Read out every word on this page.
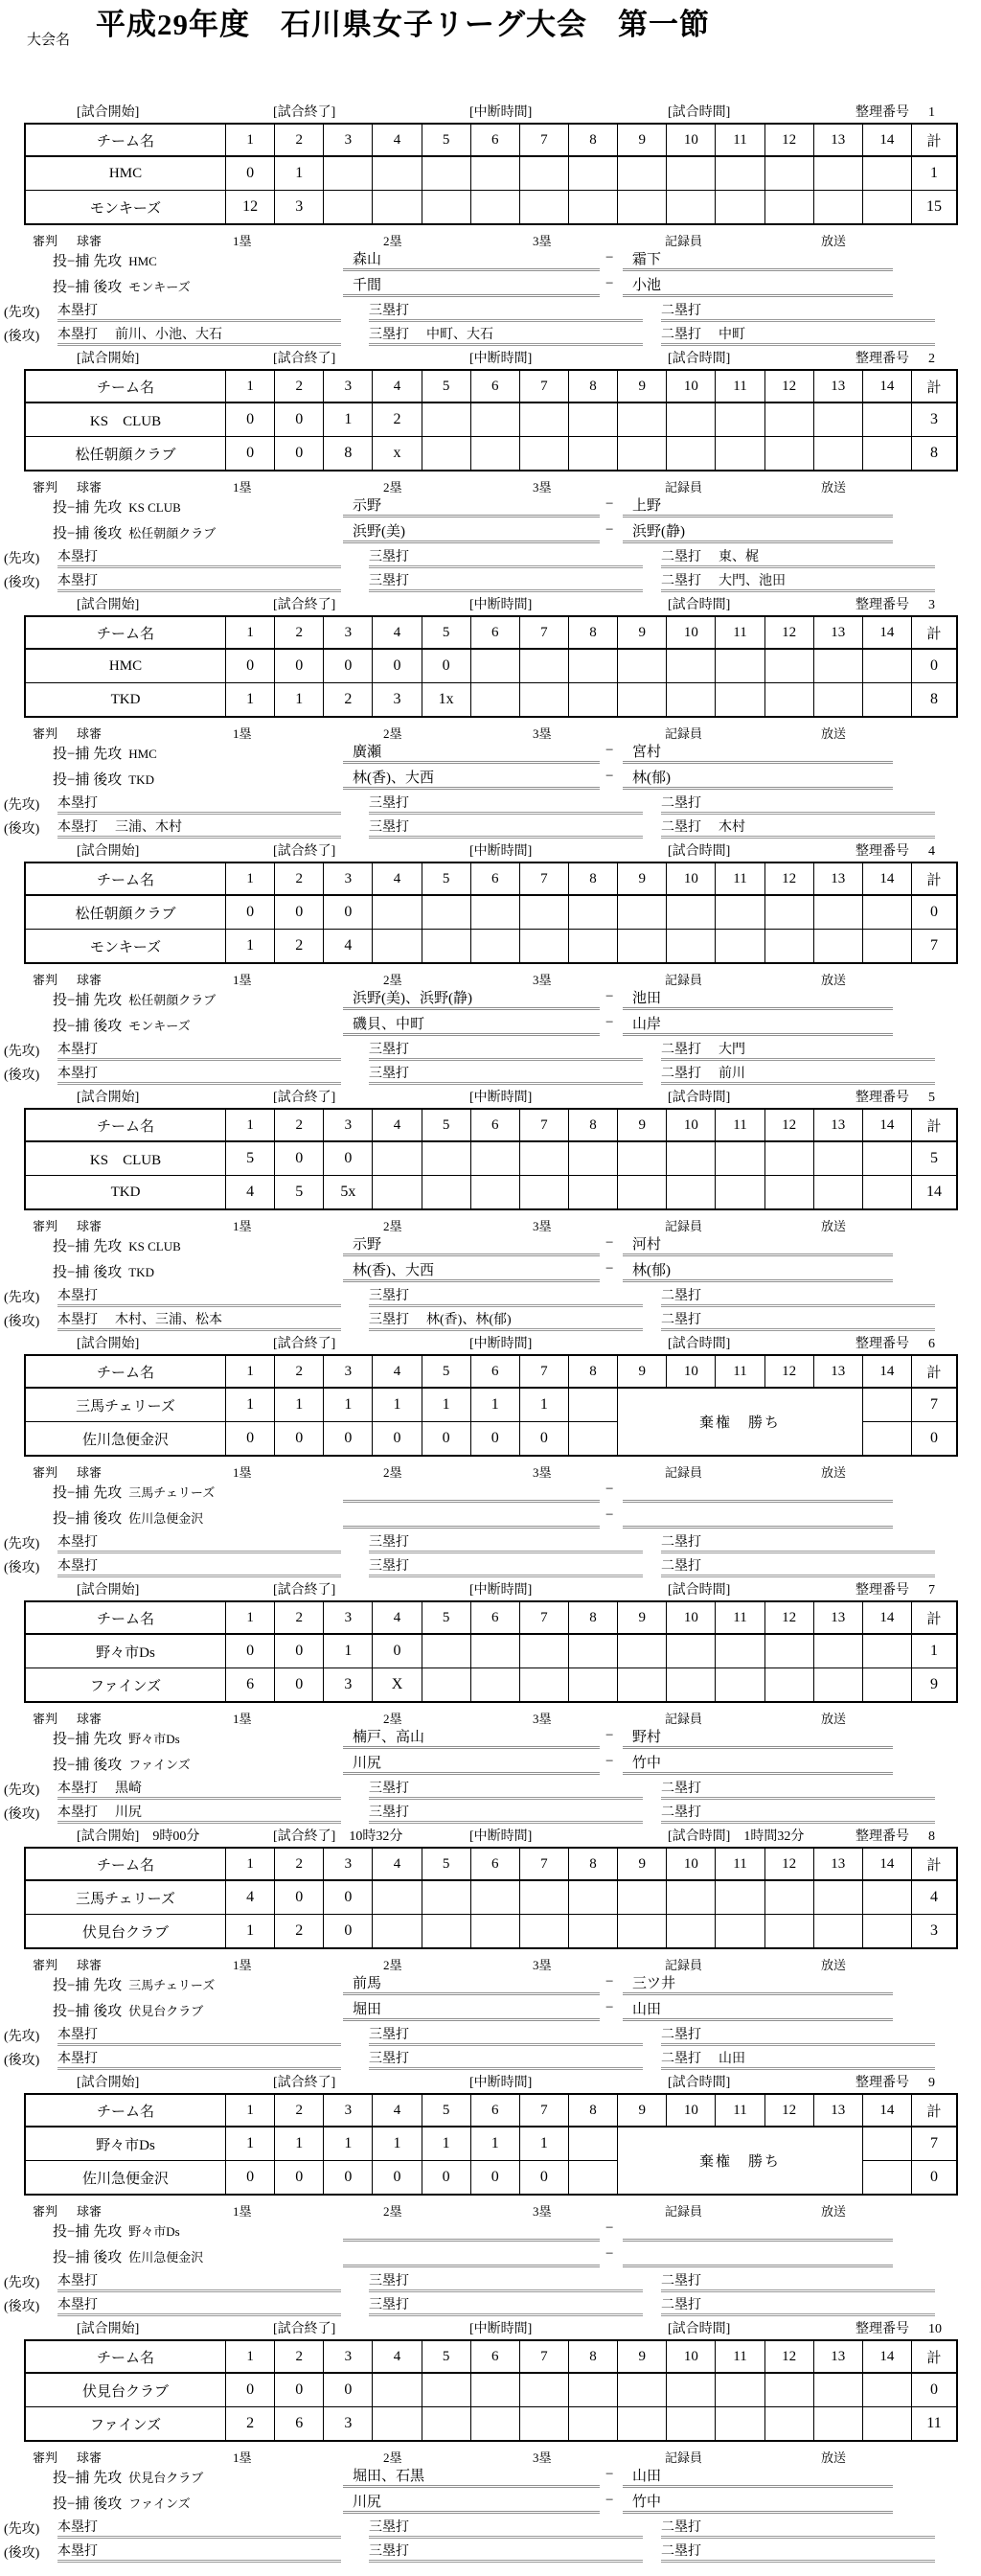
大会名 平成29年度　石川県女子リーグ大会　第一節
[試合開始]	[試合終了]	[中断時間]	[試合時間]	整理番号 1
チーム名	1	2	3	4	5	6	7	8	9	10	11	12	13	14	計
HMC	0	1													1
モンキーズ	12	3													15
審判 球審	1塁	2塁	3塁	記録員	放送
投−捕 先攻 HMC	森山	−	霜下
投−捕 後攻 モンキーズ	千間	−	小池
(先攻) 本塁打	三塁打	二塁打
(後攻) 本塁打 前川、小池、大石	三塁打 中町、大石	二塁打 中町
[試合開始]	[試合終了]	[中断時間]	[試合時間]	整理番号 2
チーム名	1	2	3	4	5	6	7	8	9	10	11	12	13	14	計
KS　CLUB	0	0	1	2											3
松任朝顔クラブ	0	0	8	x											8
審判 球審	1塁	2塁	3塁	記録員	放送
投−捕 先攻 KS CLUB	示野	−	上野
投−捕 後攻 松任朝顔クラブ	浜野(美)	−	浜野(静)
(先攻) 本塁打	三塁打	二塁打 東、梶
(後攻) 本塁打	三塁打	二塁打 大門、池田
[試合開始]	[試合終了]	[中断時間]	[試合時間]	整理番号 3
チーム名	1	2	3	4	5	6	7	8	9	10	11	12	13	14	計
HMC	0	0	0	0	0										0
TKD	1	1	2	3	1x										8
審判 球審	1塁	2塁	3塁	記録員	放送
投−捕 先攻 HMC	廣瀬	−	宮村
投−捕 後攻 TKD	林(香)、大西	−	林(郁)
(先攻) 本塁打	三塁打	二塁打
(後攻) 本塁打 三浦、木村	三塁打	二塁打 木村
[試合開始]	[試合終了]	[中断時間]	[試合時間]	整理番号 4
チーム名	1	2	3	4	5	6	7	8	9	10	11	12	13	14	計
松任朝顔クラブ	0	0	0												0
モンキーズ	1	2	4												7
審判 球審	1塁	2塁	3塁	記録員	放送
投−捕 先攻 松任朝顔クラブ	浜野(美)、浜野(静)	−	池田
投−捕 後攻 モンキーズ	磯貝、中町	−	山岸
(先攻) 本塁打	三塁打	二塁打 大門
(後攻) 本塁打	三塁打	二塁打 前川
[試合開始]	[試合終了]	[中断時間]	[試合時間]	整理番号 5
チーム名	1	2	3	4	5	6	7	8	9	10	11	12	13	14	計
KS　CLUB	5	0	0												5
TKD	4	5	5x												14
審判 球審	1塁	2塁	3塁	記録員	放送
投−捕 先攻 KS CLUB	示野	−	河村
投−捕 後攻 TKD	林(香)、大西	−	林(郁)
(先攻) 本塁打	三塁打	二塁打
(後攻) 本塁打 木村、三浦、松本	三塁打 林(香)、林(郁)	二塁打
[試合開始]	[試合終了]	[中断時間]	[試合時間]	整理番号 6
チーム名	1	2	3	4	5	6	7	8	9	10	11	12	13	14	計
三馬チェリーズ	1	1	1	1	1	1	1		棄権　勝ち						7
佐川急便金沢	0	0	0	0	0	0	0								0
審判 球審	1塁	2塁	3塁	記録員	放送
投−捕 先攻 三馬チェリーズ	−
投−捕 後攻 佐川急便金沢	−
(先攻) 本塁打	三塁打	二塁打
(後攻) 本塁打	三塁打	二塁打
[試合開始]	[試合終了]	[中断時間]	[試合時間]	整理番号 7
チーム名	1	2	3	4	5	6	7	8	9	10	11	12	13	14	計
野々市Ds	0	0	1	0											1
ファインズ	6	0	3	X											9
審判 球審	1塁	2塁	3塁	記録員	放送
投−捕 先攻 野々市Ds	楠戸、高山	−	野村
投−捕 後攻 ファインズ	川尻	−	竹中
(先攻) 本塁打 黒崎	三塁打	二塁打
(後攻) 本塁打 川尻	三塁打	二塁打
[試合開始] 9時00分	[試合終了] 10時32分	[中断時間]	[試合時間] 1時間32分	整理番号 8
チーム名	1	2	3	4	5	6	7	8	9	10	11	12	13	14	計
三馬チェリーズ	4	0	0												4
伏見台クラブ	1	2	0												3
審判 球審	1塁	2塁	3塁	記録員	放送
投−捕 先攻 三馬チェリーズ	前馬	−	三ツ井
投−捕 後攻 伏見台クラブ	堀田	−	山田
(先攻) 本塁打	三塁打	二塁打
(後攻) 本塁打	三塁打	二塁打 山田
[試合開始]	[試合終了]	[中断時間]	[試合時間]	整理番号 9
チーム名	1	2	3	4	5	6	7	8	9	10	11	12	13	14	計
野々市Ds	1	1	1	1	1	1	1		棄権　勝ち						7
佐川急便金沢	0	0	0	0	0	0	0								0
審判 球審	1塁	2塁	3塁	記録員	放送
投−捕 先攻 野々市Ds	−
投−捕 後攻 佐川急便金沢	−
(先攻) 本塁打	三塁打	二塁打
(後攻) 本塁打	三塁打	二塁打
[試合開始]	[試合終了]	[中断時間]	[試合時間]	整理番号 10
チーム名	1	2	3	4	5	6	7	8	9	10	11	12	13	14	計
伏見台クラブ	0	0	0												0
ファインズ	2	6	3												11
審判 球審	1塁	2塁	3塁	記録員	放送
投−捕 先攻 伏見台クラブ	堀田、石黒	−	山田
投−捕 後攻 ファインズ	川尻	−	竹中
(先攻) 本塁打	三塁打	二塁打
(後攻) 本塁打	三塁打	二塁打
